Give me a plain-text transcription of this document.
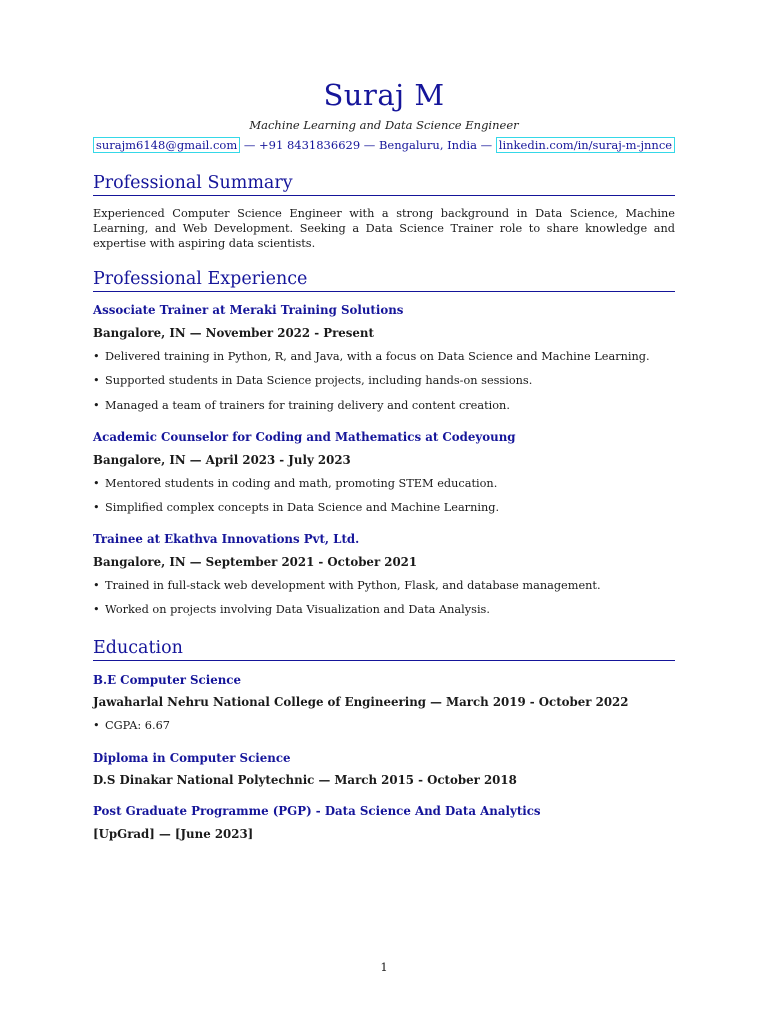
Suraj M
Machine Learning and Data Science Engineer
surajm6148@gmail.com — +91 8431836629 — Bengaluru, India — linkedin.com/in/suraj-m-jnnce
Professional Summary
Experienced Computer Science Engineer with a strong background in Data Science, Machine Learning, and Web Development. Seeking a Data Science Trainer role to share knowledge and expertise with aspiring data scientists.
Professional Experience
Associate Trainer at Meraki Training Solutions
Bangalore, IN — November 2022 - Present
• Delivered training in Python, R, and Java, with a focus on Data Science and Machine Learning.
• Supported students in Data Science projects, including hands-on sessions.
• Managed a team of trainers for training delivery and content creation.
Academic Counselor for Coding and Mathematics at Codeyoung
Bangalore, IN — April 2023 - July 2023
• Mentored students in coding and math, promoting STEM education.
• Simplified complex concepts in Data Science and Machine Learning.
Trainee at Ekathva Innovations Pvt, Ltd.
Bangalore, IN — September 2021 - October 2021
• Trained in full-stack web development with Python, Flask, and database management.
• Worked on projects involving Data Visualization and Data Analysis.
Education
B.E Computer Science
Jawaharlal Nehru National College of Engineering — March 2019 - October 2022
• CGPA: 6.67
Diploma in Computer Science
D.S Dinakar National Polytechnic — March 2015 - October 2018
Post Graduate Programme (PGP) - Data Science And Data Analytics
[UpGrad] — [June 2023]
1
